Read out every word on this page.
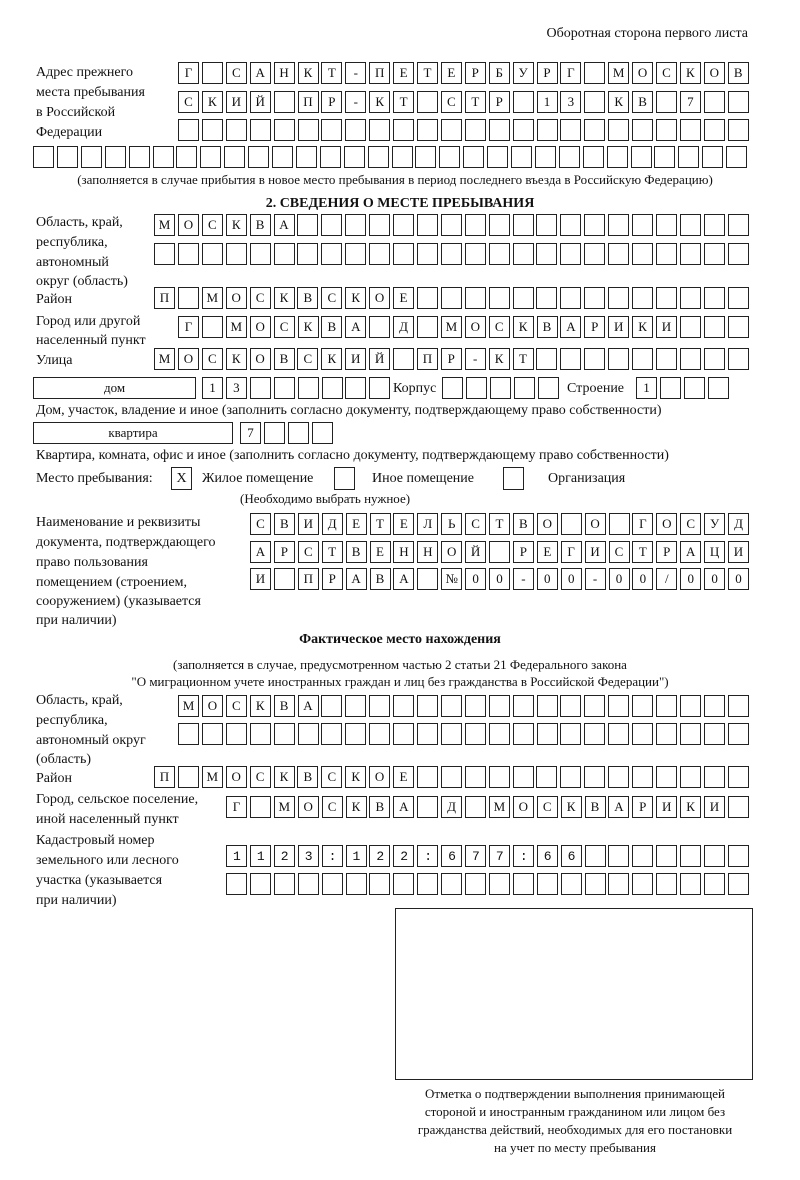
Оборотная сторона первого листа
Адрес прежнего
места пребывания
в Российской
Федерации
Г	С	А	Н	К	Т	-	П	Е	Т	Е	Р	Б	У	Р	Г	М	О	С	К	О	В
С	К	И	Й	П	Р	-	К	Т	С	Т	Р	1	3	К	В	7
(заполняется в случае прибытия в новое место пребывания в период последнего въезда в Российскую Федерацию)
2. СВЕДЕНИЯ О МЕСТЕ ПРЕБЫВАНИЯ
Область, край,
республика,
автономный
округ (область)
М	О	С	К	В	А
Район	П	М	О	С	К	В	С	К	О	Е
Город или другой
населенный пункт
Г	М	О	С	К	В	А	Д	М	О	С	К	В	А	Р	И	К	И
Улица	М	О	С	К	О	В	С	К	И	Й	П	Р	-	К	Т
дом	1	3	Корпус	Строение	1
Дом, участок, владение и иное (заполнить согласно документу, подтверждающему право собственности)
квартира	7
Квартира, комната, офис и иное (заполнить согласно документу, подтверждающему право собственности)
Место пребывания:	Х	Жилое помещение	Иное помещение	Организация
(Необходимо выбрать нужное)
Наименование и реквизиты
документа, подтверждающего
право пользования
помещением (строением,
сооружением) (указывается
при наличии)
С	В	И	Д	Е	Т	Е	Л	Ь	С	Т	В	О	О	Г	О	С	У	Д
А	Р	С	Т	В	Е	Н	Н	О	Й	Р	Е	Г	И	С	Т	Р	А	Ц	И
И	П	Р	А	В	А	№	0	0	-	0	0	-	0	0	/	0	0	0
Фактическое место нахождения
(заполняется в случае, предусмотренном частью 2 статьи 21 Федерального закона
"О миграционном учете иностранных граждан и лиц без гражданства в Российской Федерации")
Область, край,
республика,
автономный округ
(область)
М	О	С	К	В	А
Район	П	М	О	С	К	В	С	К	О	Е
Город, сельское поселение,
иной населенный пункт
Г	М	О	С	К	В	А	Д	М	О	С	К	В	А	Р	И	К	И
Кадастровый номер
земельного или лесного
участка (указывается
при наличии)
1123:122:677:66
Отметка о подтверждении выполнения принимающей
стороной и иностранным гражданином или лицом без
гражданства действий, необходимых для его постановки
на учет по месту пребывания
